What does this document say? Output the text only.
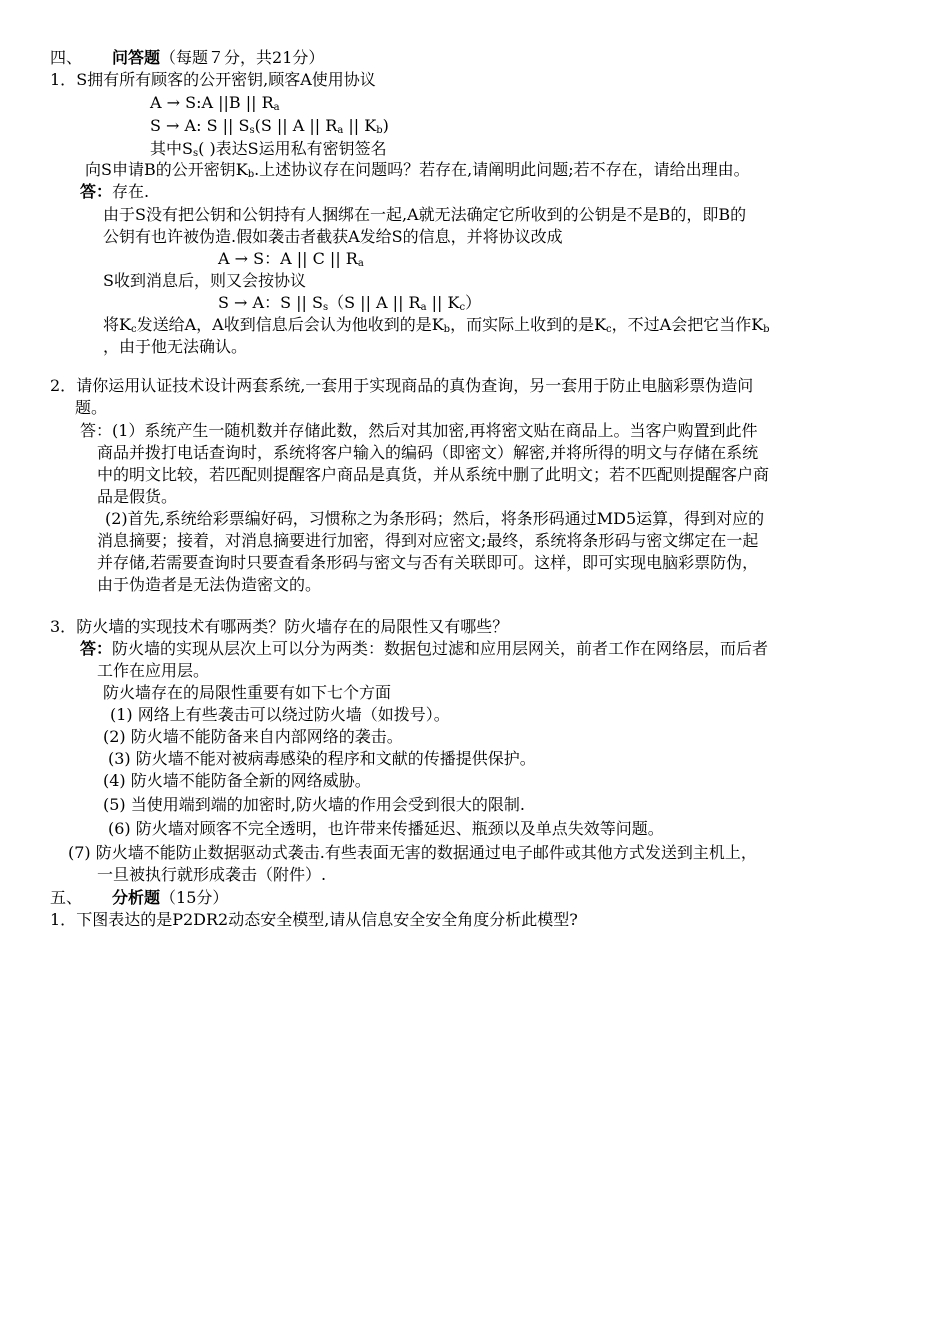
四、 问答题（每题７分，共21分）
1．S拥有所有顾客的公开密钥,顾客A使用协议
A → S:A ||B || $R_a$
S → A: S || $S_s(S$ || A || $R_a$ || $K_b$)
其中$S_s$( )表达S运用私有密钥签名
向S申请B的公开密钥$K_b$.上述协议存在问题吗？若存在,请阐明此问题;若不存在，请给出理由。
答：存在.
由于S没有把公钥和公钥持有人捆绑在一起,A就无法确定它所收到的公钥是不是B的，即B的
公钥有也许被伪造.假如袭击者截获A发给S的信息，并将协议改成
A → S：A || C || $R_a$
S收到消息后，则又会按协议
S → A：S || $S_s(S$ || A || $R_a$ || $K_c$）
将$K_c$发送给A，A收到信息后会认为他收到的是$K_b$，而实际上收到的是$K_c$，不过A会把它当作$K_b$
，由于他无法确认。
2．请你运用认证技术设计两套系统,一套用于实现商品的真伪查询，另一套用于防止电脑彩票伪造问
题。
答：(1）系统产生一随机数并存储此数，然后对其加密,再将密文贴在商品上。当客户购置到此件
商品并拨打电话查询时，系统将客户输入的编码（即密文）解密,并将所得的明文与存储在系统
中的明文比较，若匹配则提醒客户商品是真货，并从系统中删了此明文；若不匹配则提醒客户商
品是假货。
(2)首先,系统给彩票编好码，习惯称之为条形码；然后，将条形码通过MD5运算，得到对应的
消息摘要；接着，对消息摘要进行加密，得到对应密文;最终，系统将条形码与密文绑定在一起
并存储,若需要查询时只要查看条形码与密文与否有关联即可。这样，即可实现电脑彩票防伪，
由于伪造者是无法伪造密文的。
3．防火墙的实现技术有哪两类？防火墙存在的局限性又有哪些？
答：防火墙的实现从层次上可以分为两类：数据包过滤和应用层网关，前者工作在网络层，而后者
工作在应用层。
防火墙存在的局限性重要有如下七个方面
(1) 网络上有些袭击可以绕过防火墙（如拨号）。
(2) 防火墙不能防备来自内部网络的袭击。
(3) 防火墙不能对被病毒感染的程序和文献的传播提供保护。
(4) 防火墙不能防备全新的网络威胁。
(5) 当使用端到端的加密时,防火墙的作用会受到很大的限制.
(6) 防火墙对顾客不完全透明，也许带来传播延迟、瓶颈以及单点失效等问题。
(7) 防火墙不能防止数据驱动式袭击.有些表面无害的数据通过电子邮件或其他方式发送到主机上，
一旦被执行就形成袭击（附件）.
五、 分析题（15分）
1．下图表达的是P2DR2动态安全模型,请从信息安全安全角度分析此模型?
